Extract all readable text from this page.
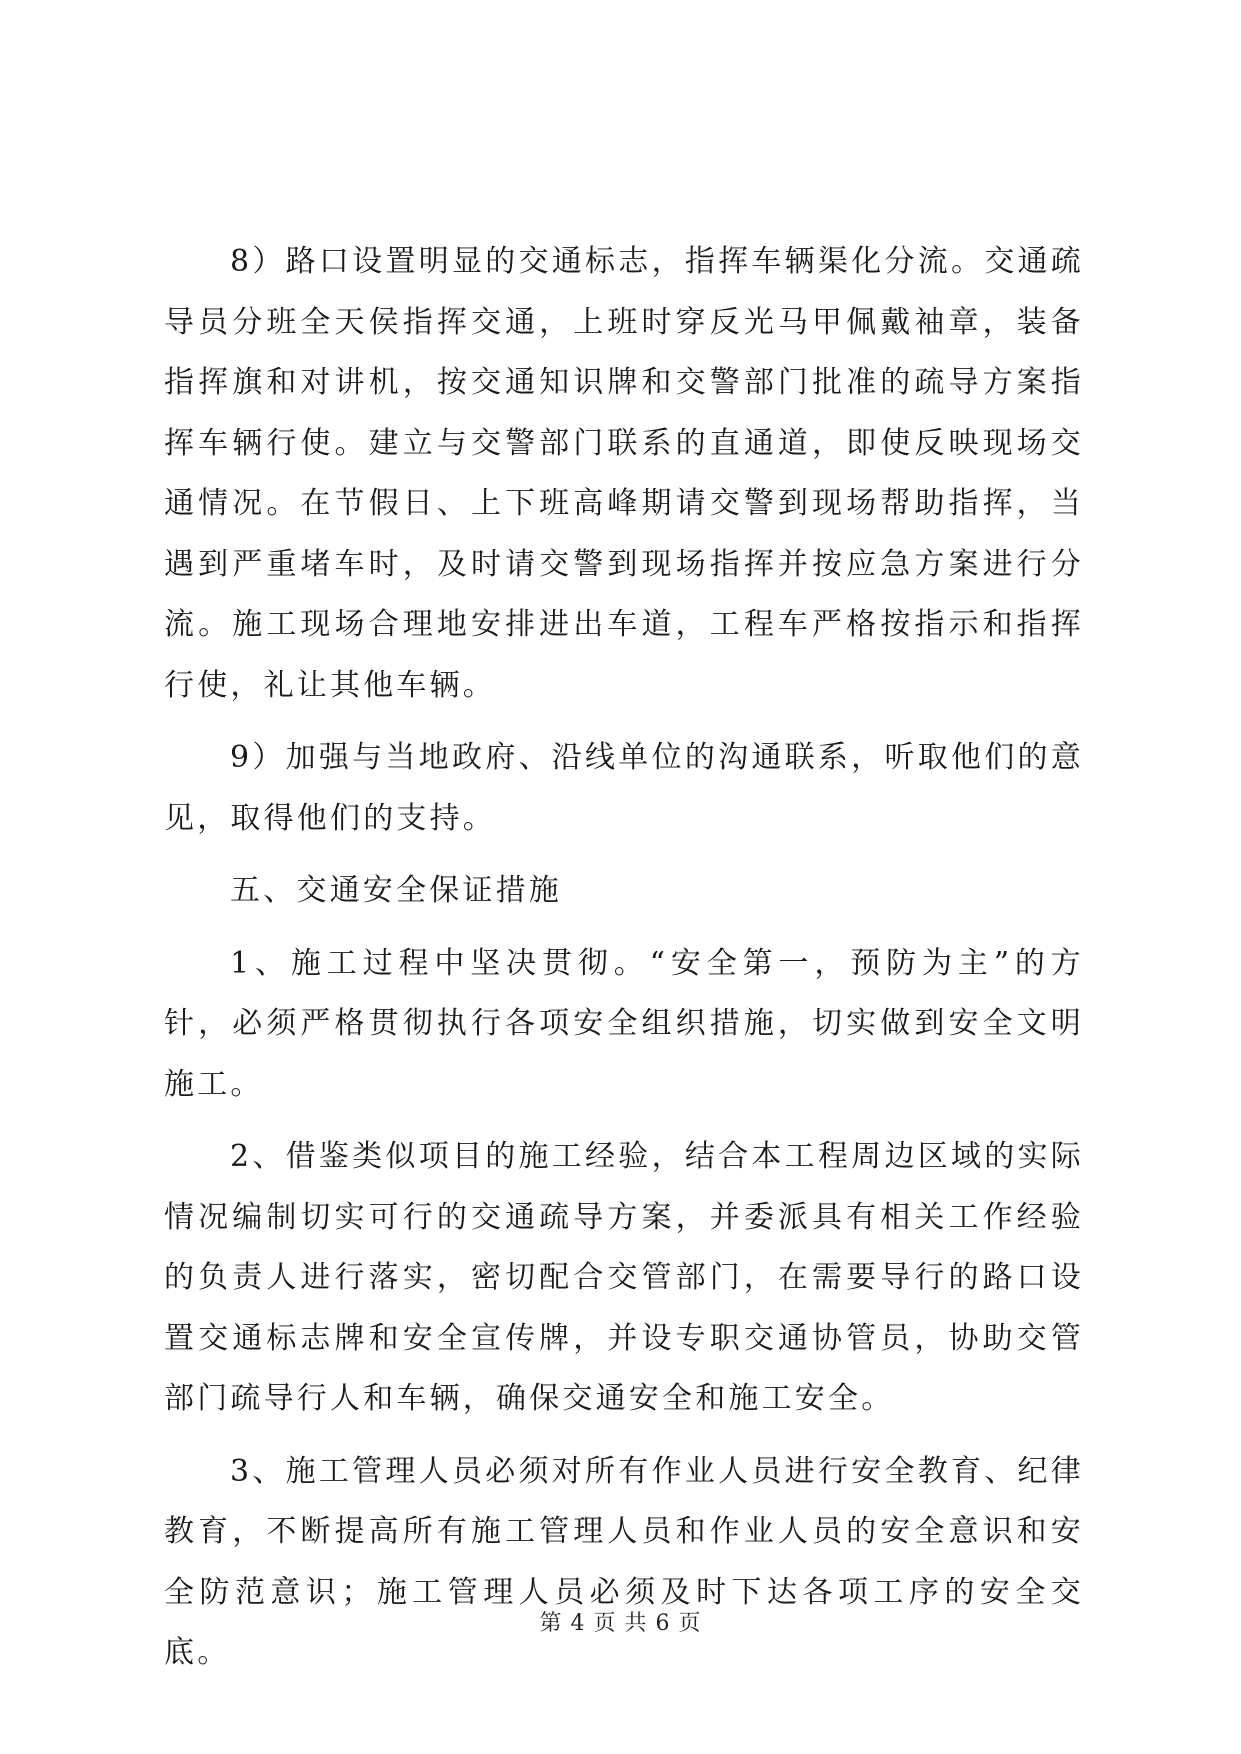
8）路口设置明显的交通标志，指挥车辆渠化分流。交通疏导员分班全天侯指挥交通，上班时穿反光马甲佩戴袖章，装备指挥旗和对讲机，按交通知识牌和交警部门批准的疏导方案指挥车辆行使。建立与交警部门联系的直通道，即使反映现场交通情况。在节假日、上下班高峰期请交警到现场帮助指挥，当遇到严重堵车时，及时请交警到现场指挥并按应急方案进行分流。施工现场合理地安排进出车道，工程车严格按指示和指挥行使，礼让其他车辆。

9）加强与当地政府、沿线单位的沟通联系，听取他们的意见，取得他们的支持。

五、交通安全保证措施

1、施工过程中坚决贯彻。“安全第一，预防为主”的方针，必须严格贯彻执行各项安全组织措施，切实做到安全文明施工。

2、借鉴类似项目的施工经验，结合本工程周边区域的实际情况编制切实可行的交通疏导方案，并委派具有相关工作经验的负责人进行落实，密切配合交管部门，在需要导行的路口设置交通标志牌和安全宣传牌，并设专职交通协管员，协助交管部门疏导行人和车辆，确保交通安全和施工安全。

3、施工管理人员必须对所有作业人员进行安全教育、纪律教育，不断提高所有施工管理人员和作业人员的安全意识和安全防范意识；施工管理人员必须及时下达各项工序的安全交底。

第 4 页 共 6 页
